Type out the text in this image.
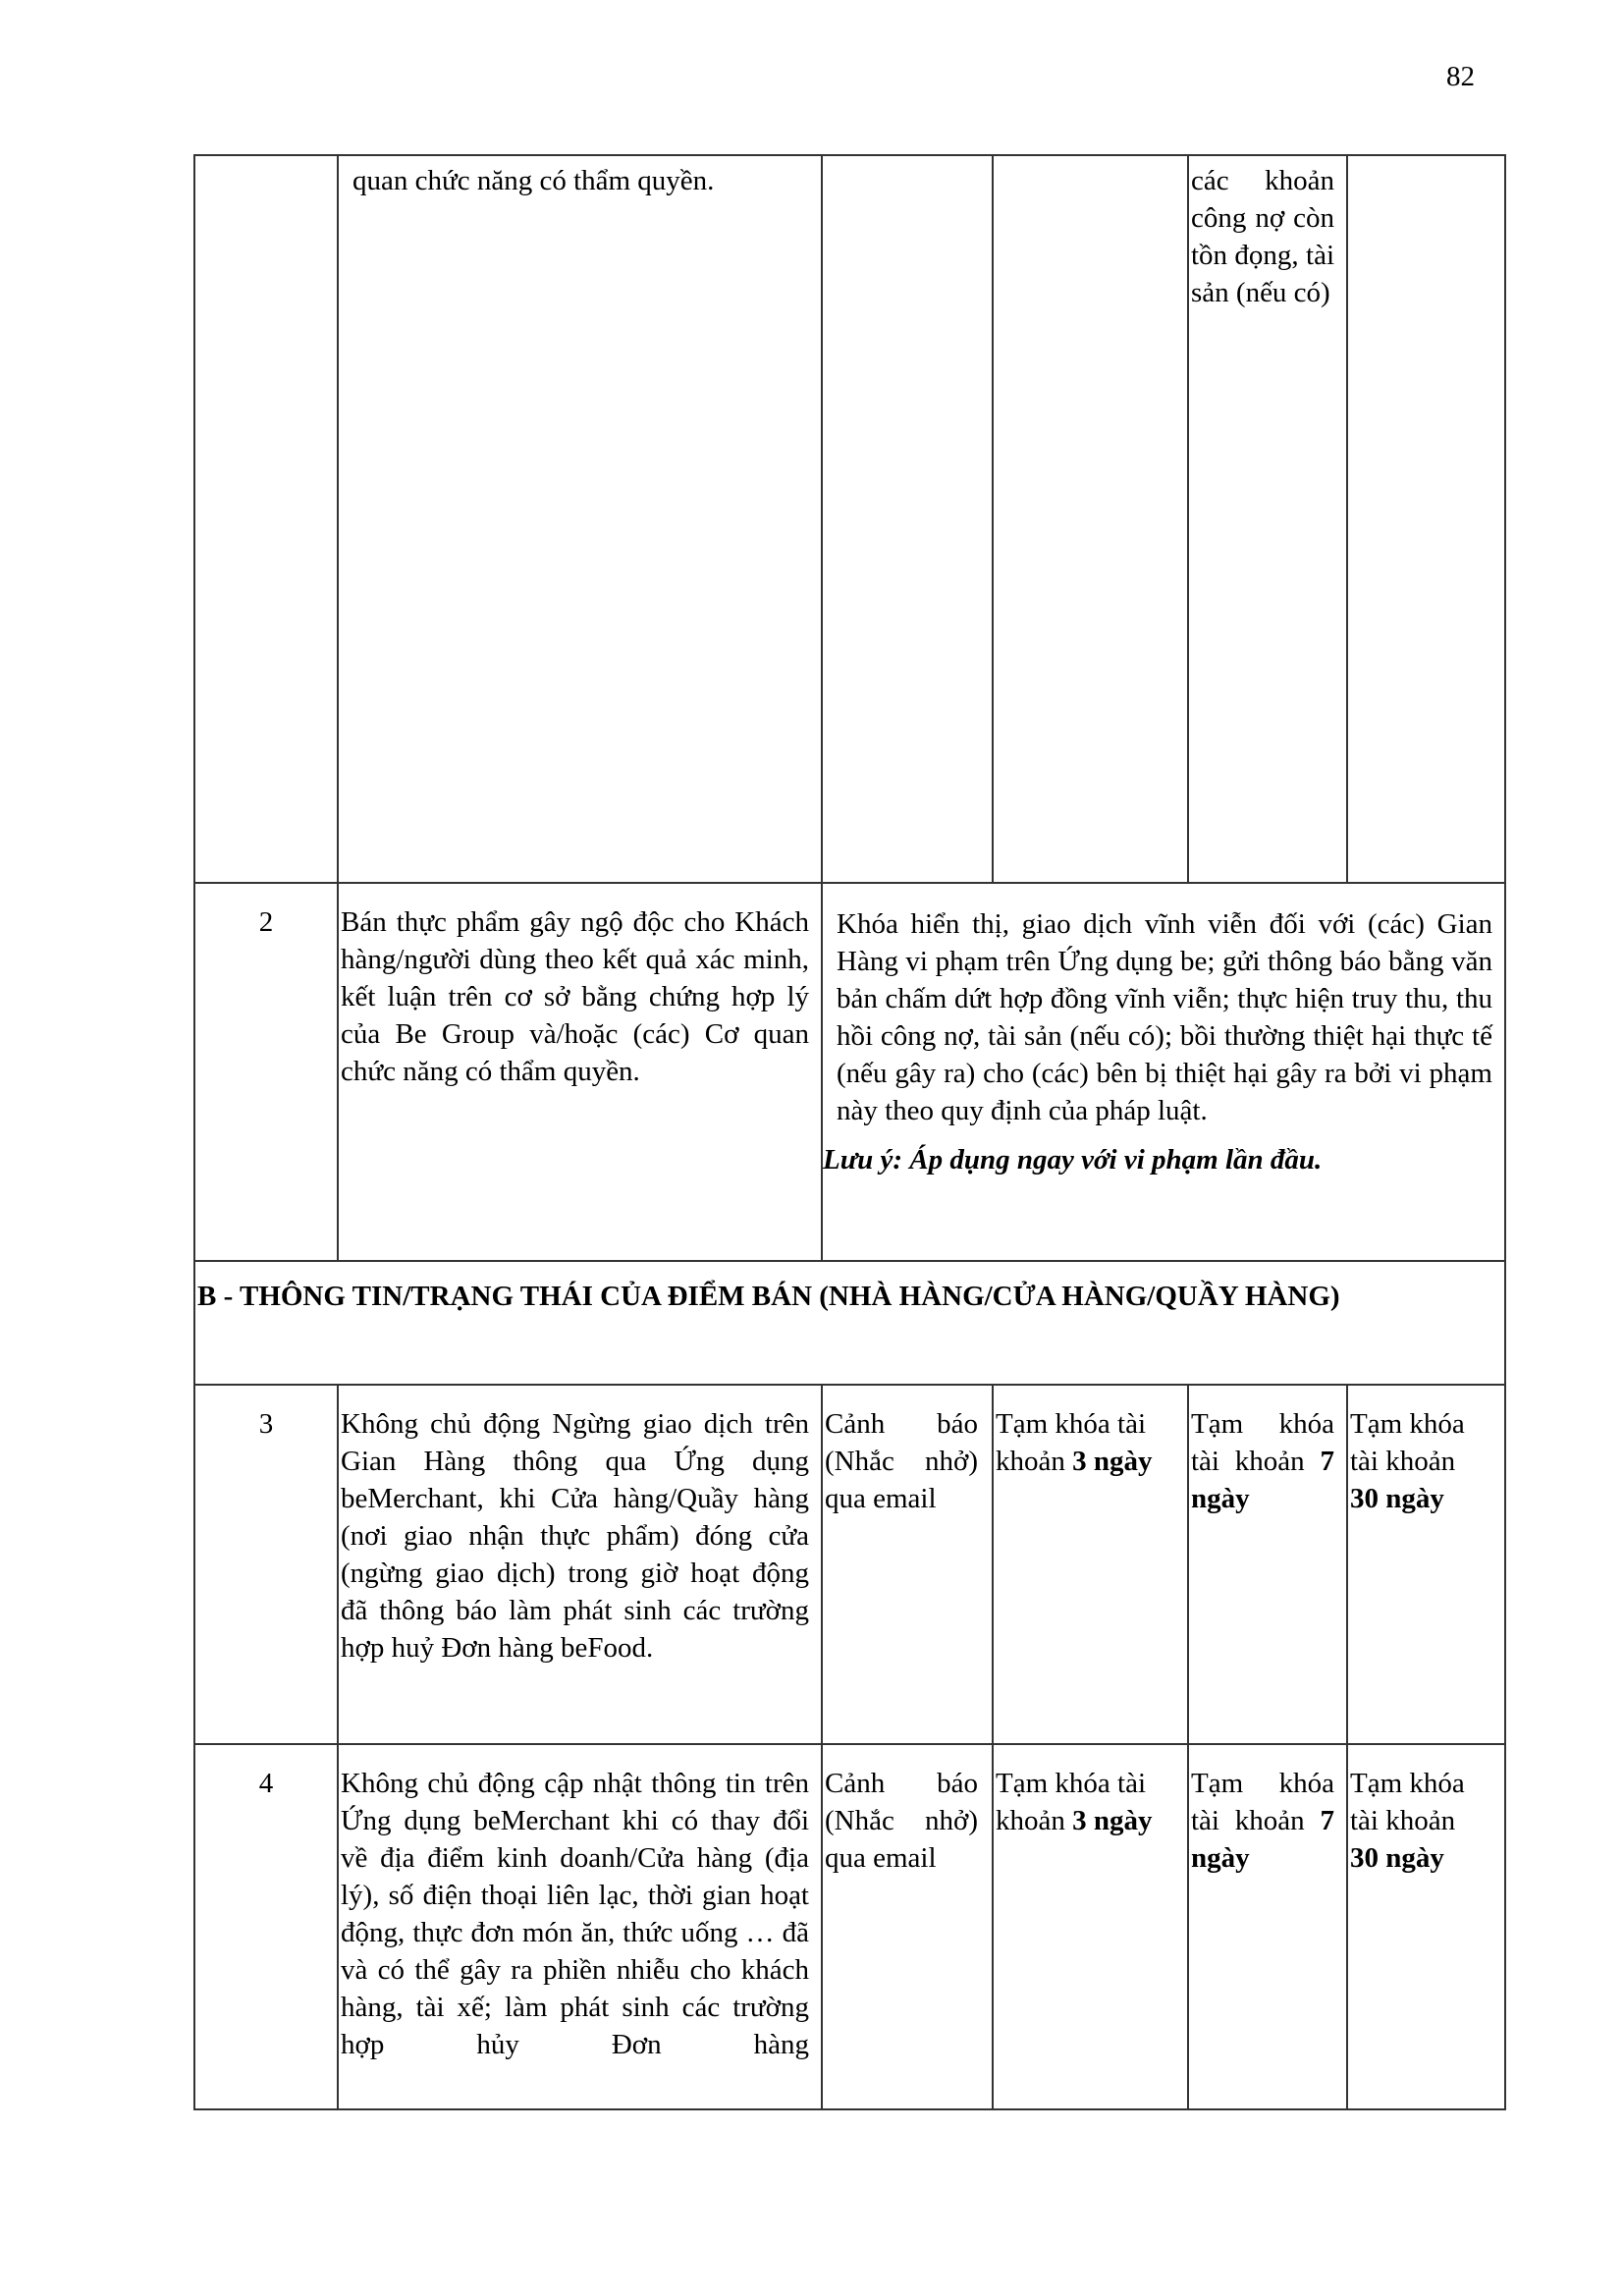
82

	quan chức năng có thẩm quyền.			các khoản công nợ còn tồn đọng, tài sản (nếu có)	

2	Bán thực phẩm gây ngộ độc cho Khách hàng/người dùng theo kết quả xác minh, kết luận trên cơ sở bằng chứng hợp lý của Be Group và/hoặc (các) Cơ quan chức năng có thẩm quyền.	Khóa hiển thị, giao dịch vĩnh viễn đối với (các) Gian Hàng vi phạm trên Ứng dụng be; gửi thông báo bằng văn bản chấm dứt hợp đồng vĩnh viễn; thực hiện truy thu, thu hồi công nợ, tài sản (nếu có); bồi thường thiệt hại thực tế (nếu gây ra) cho (các) bên bị thiệt hại gây ra bởi vi phạm này theo quy định của pháp luật.
Lưu ý: Áp dụng ngay với vi phạm lần đầu.			

B - THÔNG TIN/TRẠNG THÁI CỦA ĐIỂM BÁN (NHÀ HÀNG/CỬA HÀNG/QUẦY HÀNG)					

3	Không chủ động Ngừng giao dịch trên Gian Hàng thông qua Ứng dụng beMerchant, khi Cửa hàng/Quầy hàng (nơi giao nhận thực phẩm) đóng cửa (ngừng giao dịch) trong giờ hoạt động đã thông báo làm phát sinh các trường hợp huỷ Đơn hàng beFood.	Cảnh báo (Nhắc nhở) qua email	Tạm khóa tài khoản 3 ngày	Tạm khóa tài khoản 7 ngày	Tạm khóa tài khoản 30 ngày

4	Không chủ động cập nhật thông tin trên Ứng dụng beMerchant khi có thay đổi về địa điểm kinh doanh/Cửa hàng (địa lý), số điện thoại liên lạc, thời gian hoạt động, thực đơn món ăn, thức uống … đã và có thể gây ra phiền nhiễu cho khách hàng, tài xế; làm phát sinh các trường hợp hủy Đơn hàng	Cảnh báo (Nhắc nhở) qua email	Tạm khóa tài khoản 3 ngày	Tạm khóa tài khoản 7 ngày	Tạm khóa tài khoản 30 ngày
